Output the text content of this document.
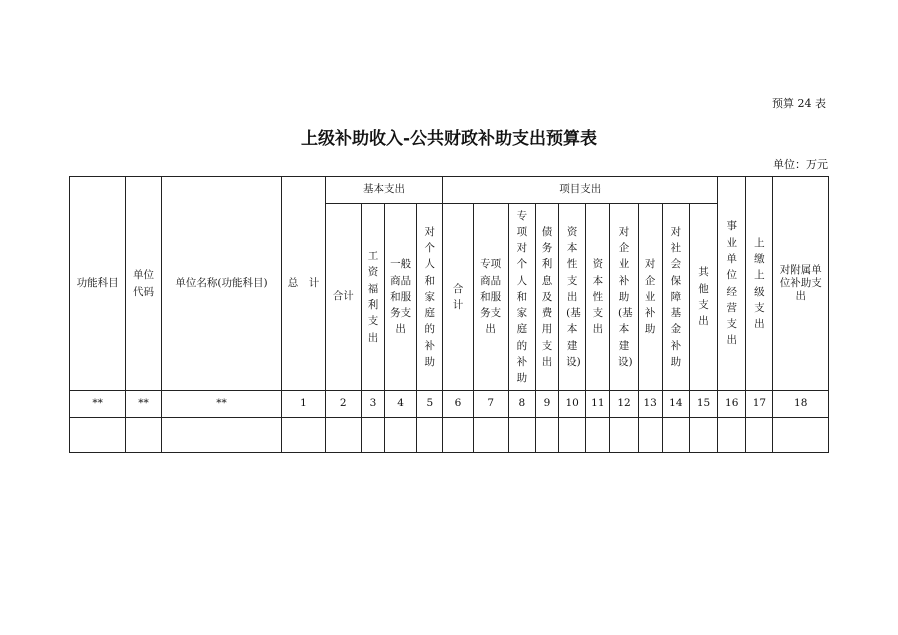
预算 24 表
上级补助收入-公共财政补助支出预算表
单位：万元
功能科目	单位代码	单位名称(功能科目)	总　计	基本支出				项目支出										事业单位经营支出	上缴上级支出	对附属单位补助支出
				合计	工资福利支出	一般商品和服务支出	对个人和家庭的补助	合计	专项商品和服务支出	专项对个人和家庭的补助	债务利息及费用支出	资本性支出(基本建设)	资本性支出	对企业补助(基本建设)	对企业补助	对社会保障基金补助	其他支出			
**	**	**	1	2	3	4	5	6	7	8	9	10	11	12	13	14	15	16	17	18
